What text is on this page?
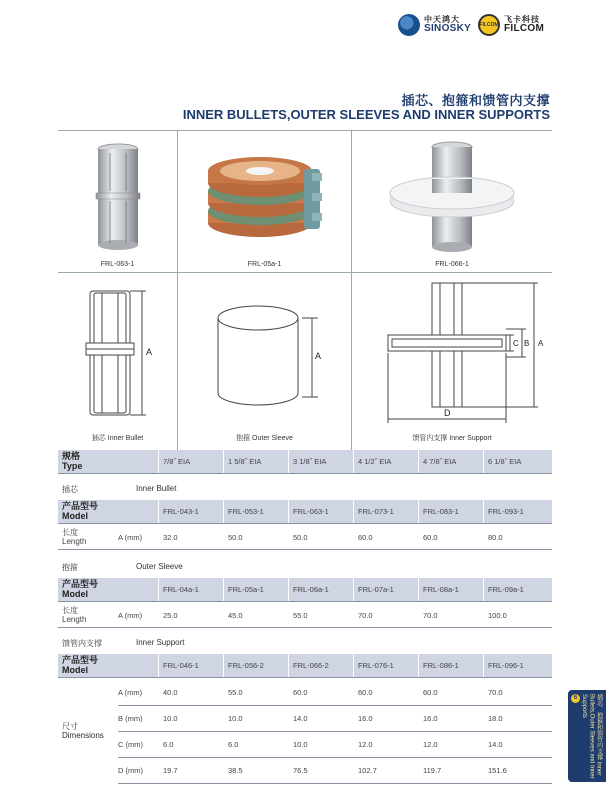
中天鸿大
SINOSKY FILCOM
飞卡科技
FILCOM
插芯、抱箍和馈管内支撑
INNER BULLETS,OUTER SLEEVES AND INNER SUPPORTS
FRL-063-1	FRL-05a-1	FRL-066-1
A
插芯 Inner Bullet
A
抱箍 Outer Sleeve
C B A
D
馈管内支撑 Inner Support
规格
Type	7/8˝ EIA	1 5/8˝ EIA	3 1/8˝ EIA	4 1/2˝ EIA	4 7/8˝ EIA	6 1/8˝ EIA
插芯	Inner Bullet
产品型号
Model	FRL-043-1	FRL-053-1	FRL-063-1	FRL-073-1	FRL-083-1	FRL-093-1
长度
Length	A (mm)	32.0	50.0	50.0	60.0	60.0	80.0
抱箍	Outer Sleeve
产品型号
Model	FRL-04a-1	FRL-05a-1	FRL-06a-1	FRL-07a-1	FRL-08a-1	FRL-09a-1
长度
Length	A (mm)	25.0	45.0	55.0	70.0	70.0	100.0
馈管内支撑	Inner Support
产品型号
Model	FRL-046-1	FRL-056-2	FRL-066-2	FRL-076-1	FRL-086-1	FRL-096-1
尺寸
Dimensions
A (mm)	40.0	55.0	60.0	60.0	60.0	70.0
B (mm)	10.0	10.0	14.0	16.0	16.0	18.0
C (mm)	6.0	6.0	10.0	12.0	12.0	14.0
D (mm)	19.7	38.5	76.5	102.7	119.7	151.6
6	插芯、抱箍和馈管内支撑 Inner Bullets,Outer Sleeves and Inner Supports
